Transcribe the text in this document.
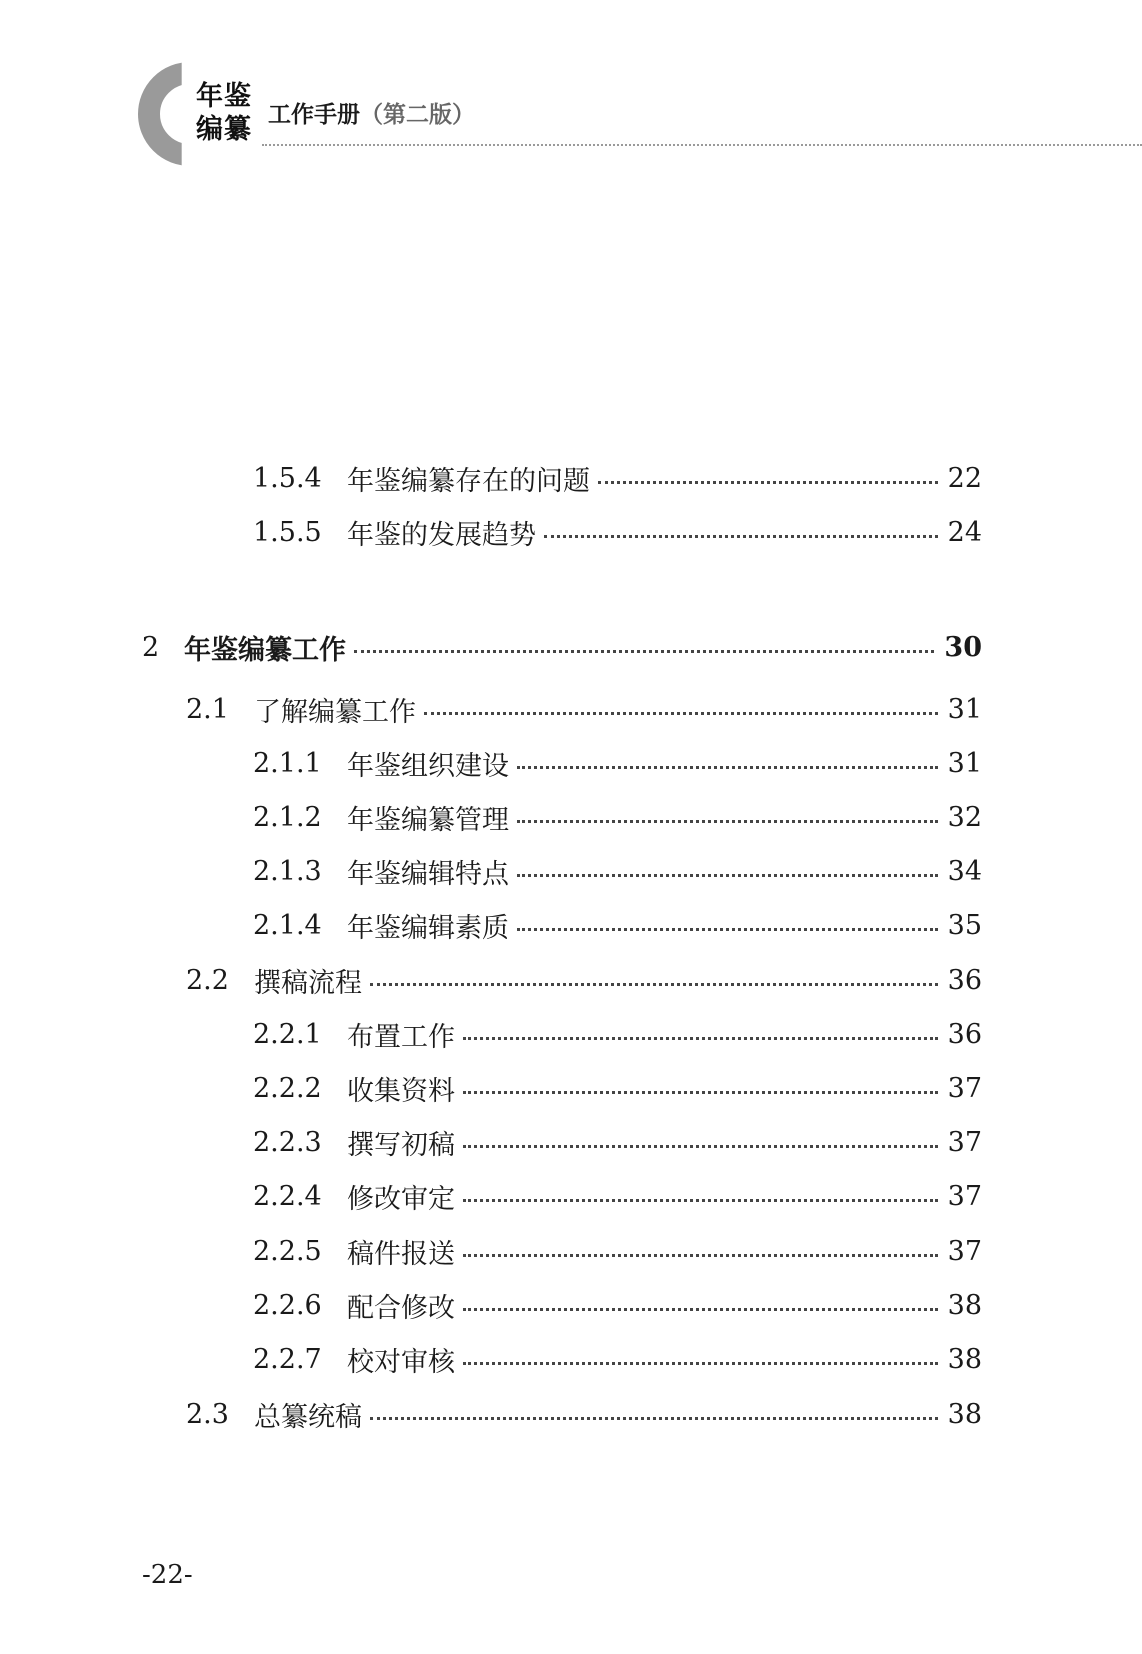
年鉴
编纂 工作手册（第二版）
1.5.4 年鉴编纂存在的问题	22
1.5.5 年鉴的发展趋势	24
2 年鉴编纂工作	30
2.1 了解编纂工作	31
2.1.1 年鉴组织建设	31
2.1.2 年鉴编纂管理	32
2.1.3 年鉴编辑特点	34
2.1.4 年鉴编辑素质	35
2.2 撰稿流程	36
2.2.1 布置工作	36
2.2.2 收集资料	37
2.2.3 撰写初稿	37
2.2.4 修改审定	37
2.2.5 稿件报送	37
2.2.6 配合修改	38
2.2.7 校对审核	38
2.3 总纂统稿	38
-22-
